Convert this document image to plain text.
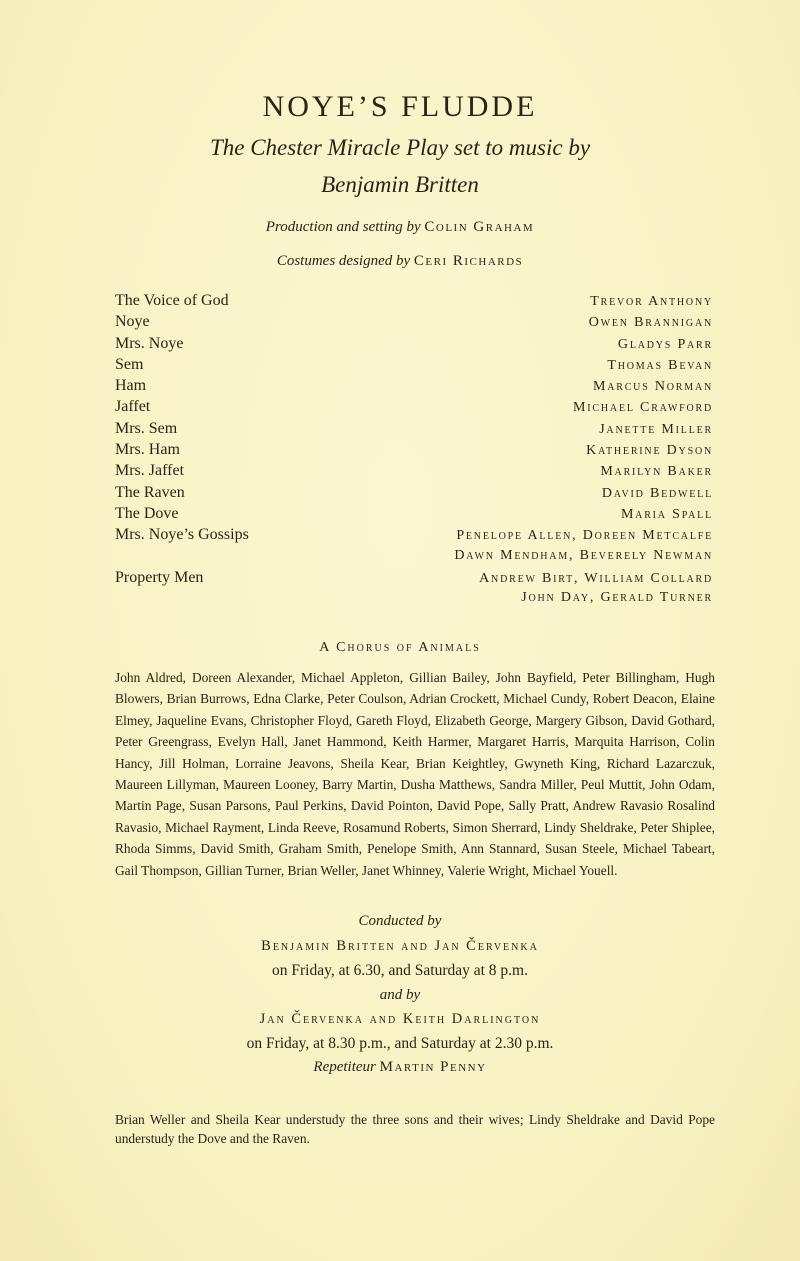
NOYE’S FLUDDE
The Chester Miracle Play set to music by
Benjamin Britten
Production and setting by Colin Graham
Costumes designed by Ceri Richards
The Voice of God	Trevor Anthony
Noye	Owen Brannigan
Mrs. Noye	Gladys Parr
Sem	Thomas Bevan
Ham	Marcus Norman
Jaffet	Michael Crawford
Mrs. Sem	Janette Miller
Mrs. Ham	Katherine Dyson
Mrs. Jaffet	Marilyn Baker
The Raven	David Bedwell
The Dove	Maria Spall
Mrs. Noye’s Gossips	Penelope Allen, Doreen Metcalfe
Dawn Mendham, Beverely Newman
Property Men	Andrew Birt, William Collard
John Day, Gerald Turner
A Chorus of Animals
John Aldred, Doreen Alexander, Michael Appleton, Gillian Bailey, John Bayfield, Peter Billingham, Hugh Blowers, Brian Burrows, Edna Clarke, Peter Coulson, Adrian Crockett, Michael Cundy, Robert Deacon, Elaine Elmey, Jaqueline Evans, Christopher Floyd, Gareth Floyd, Elizabeth George, Margery Gibson, David Gothard, Peter Greengrass, Evelyn Hall, Janet Hammond, Keith Harmer, Margaret Harris, Marquita Harrison, Colin Hancy, Jill Holman, Lorraine Jeavons, Sheila Kear, Brian Keightley, Gwyneth King, Richard Lazarczuk, Maureen Lillyman, Maureen Looney, Barry Martin, Dusha Matthews, Sandra Miller, Peul Muttit, John Odam, Martin Page, Susan Parsons, Paul Perkins, David Pointon, David Pope, Sally Pratt, Andrew Ravasio Rosalind Ravasio, Michael Rayment, Linda Reeve, Rosamund Roberts, Simon Sherrard, Lindy Sheldrake, Peter Shiplee, Rhoda Simms, David Smith, Graham Smith, Penelope Smith, Ann Stannard, Susan Steele, Michael Tabeart, Gail Thompson, Gillian Turner, Brian Weller, Janet Whinney, Valerie Wright, Michael Youell.
Conducted by
Benjamin Britten and Jan Červenka
on Friday, at 6.30, and Saturday at 8 p.m.
and by
Jan Červenka and Keith Darlington
on Friday, at 8.30 p.m., and Saturday at 2.30 p.m.
Repetiteur Martin Penny
Brian Weller and Sheila Kear understudy the three sons and their wives; Lindy Sheldrake and David Pope understudy the Dove and the Raven.
